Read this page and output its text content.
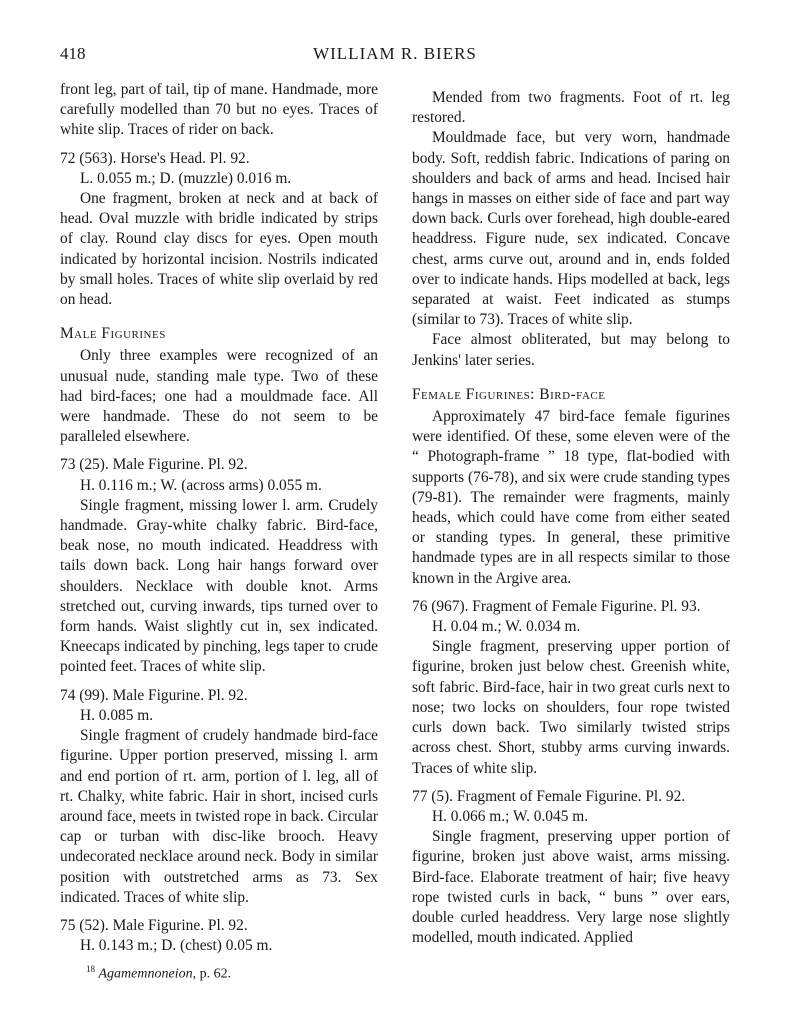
418	WILLIAM R. BIERS

front leg, part of tail, tip of mane. Handmade, more carefully modelled than 70 but no eyes. Traces of white slip. Traces of rider on back.

72 (563). Horse's Head. Pl. 92.

L. 0.055 m.; D. (muzzle) 0.016 m.

One fragment, broken at neck and at back of head. Oval muzzle with bridle indicated by strips of clay. Round clay discs for eyes. Open mouth indicated by horizontal incision. Nostrils indicated by small holes. Traces of white slip overlaid by red on head.

Male Figurines

Only three examples were recognized of an unusual nude, standing male type. Two of these had bird-faces; one had a mouldmade face. All were handmade. These do not seem to be paralleled elsewhere.

73 (25). Male Figurine. Pl. 92.

H. 0.116 m.; W. (across arms) 0.055 m.

Single fragment, missing lower l. arm. Crudely handmade. Gray-white chalky fabric. Bird-face, beak nose, no mouth indicated. Headdress with tails down back. Long hair hangs forward over shoulders. Necklace with double knot. Arms stretched out, curving inwards, tips turned over to form hands. Waist slightly cut in, sex indicated. Kneecaps indicated by pinching, legs taper to crude pointed feet. Traces of white slip.

74 (99). Male Figurine. Pl. 92.

H. 0.085 m.

Single fragment of crudely handmade bird-face figurine. Upper portion preserved, missing l. arm and end portion of rt. arm, portion of l. leg, all of rt. Chalky, white fabric. Hair in short, incised curls around face, meets in twisted rope in back. Circular cap or turban with disc-like brooch. Heavy undecorated necklace around neck. Body in similar position with outstretched arms as 73. Sex indicated. Traces of white slip.

75 (52). Male Figurine. Pl. 92.

H. 0.143 m.; D. (chest) 0.05 m.

Mended from two fragments. Foot of rt. leg restored.

Mouldmade face, but very worn, handmade body. Soft, reddish fabric. Indications of paring on shoulders and back of arms and head. Incised hair hangs in masses on either side of face and part way down back. Curls over forehead, high double-eared headdress. Figure nude, sex indicated. Concave chest, arms curve out, around and in, ends folded over to indicate hands. Hips modelled at back, legs separated at waist. Feet indicated as stumps (similar to 73). Traces of white slip.

Face almost obliterated, but may belong to Jenkins' later series.

Female Figurines: Bird-face

Approximately 47 bird-face female figurines were identified. Of these, some eleven were of the “ Photograph-frame ” 18 type, flat-bodied with supports (76-78), and six were crude standing types (79-81). The remainder were fragments, mainly heads, which could have come from either seated or standing types. In general, these primitive handmade types are in all respects similar to those known in the Argive area.

76 (967). Fragment of Female Figurine. Pl. 93.

H. 0.04 m.; W. 0.034 m.

Single fragment, preserving upper portion of figurine, broken just below chest. Greenish white, soft fabric. Bird-face, hair in two great curls next to nose; two locks on shoulders, four rope twisted curls down back. Two similarly twisted strips across chest. Short, stubby arms curving inwards. Traces of white slip.

77 (5). Fragment of Female Figurine. Pl. 92.

H. 0.066 m.; W. 0.045 m.

Single fragment, preserving upper portion of figurine, broken just above waist, arms missing. Bird-face. Elaborate treatment of hair; five heavy rope twisted curls in back, “ buns ” over ears, double curled headdress. Very large nose slightly modelled, mouth indicated. Applied

$^{18}$ Agamemnoneion, p. 62.
